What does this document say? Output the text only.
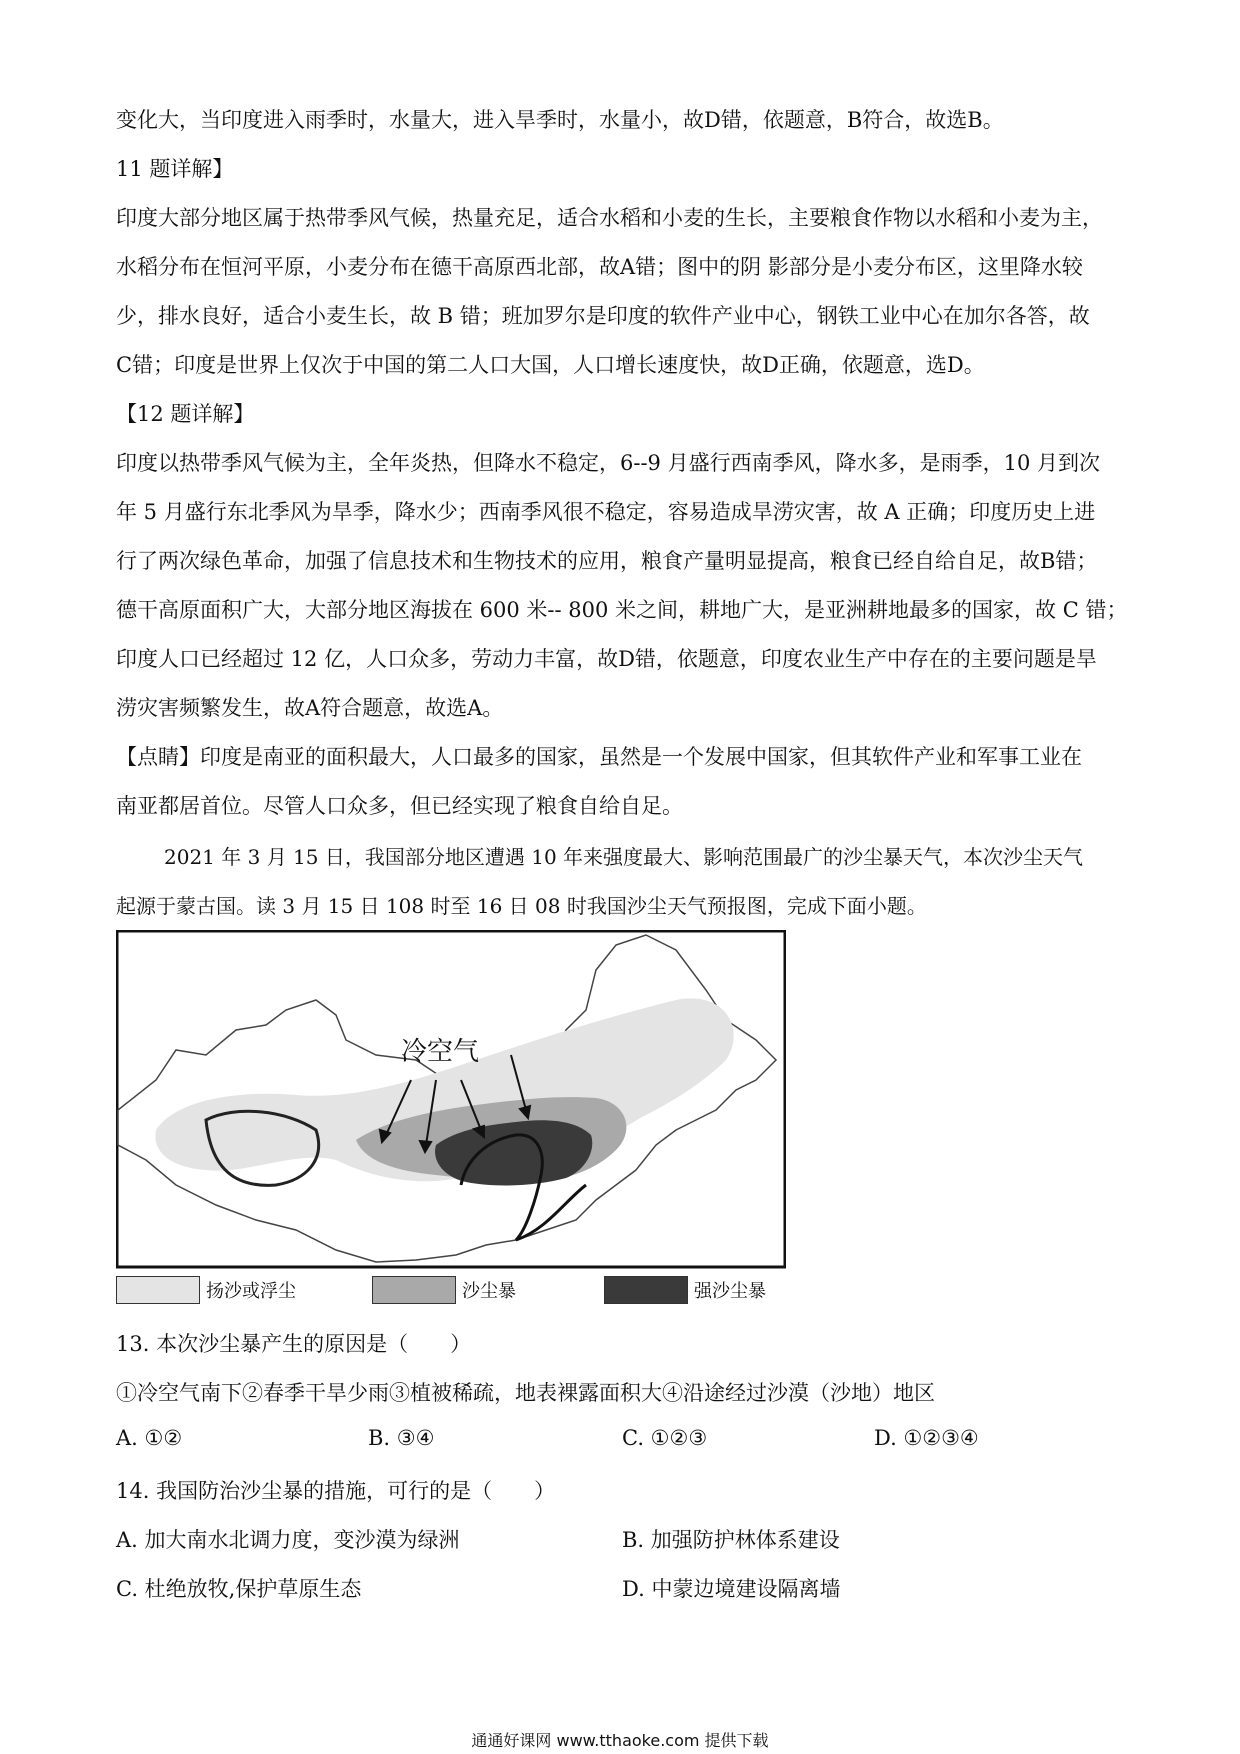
变化大，当印度进入雨季时，水量大，进入旱季时，水量小，故D错，依题意，B符合，故选B。

11 题详解】

印度大部分地区属于热带季风气候，热量充足，适合水稻和小麦的生长，主要粮食作物以水稻和小麦为主，
水稻分布在恒河平原，小麦分布在德干高原西北部，故A错；图中的阴 影部分是小麦分布区，这里降水较
少，排水良好，适合小麦生长，故 B 错；班加罗尔是印度的软件产业中心，钢铁工业中心在加尔各答，故
C错；印度是世界上仅次于中国的第二人口大国，人口增长速度快，故D正确，依题意，选D。

【12 题详解】

印度以热带季风气候为主，全年炎热，但降水不稳定，6--9 月盛行西南季风，降水多，是雨季，10 月到次
年 5 月盛行东北季风为旱季，降水少；西南季风很不稳定，容易造成旱涝灾害，故 A 正确；印度历史上进
行了两次绿色革命，加强了信息技术和生物技术的应用，粮食产量明显提高，粮食已经自给自足，故B错；
德干高原面积广大，大部分地区海拔在 600 米-- 800 米之间，耕地广大，是亚洲耕地最多的国家，故 C 错；
印度人口已经超过 12 亿，人口众多，劳动力丰富，故D错，依题意，印度农业生产中存在的主要问题是旱
涝灾害频繁发生，故A符合题意，故选A。

【点睛】印度是南亚的面积最大，人口最多的国家，虽然是一个发展中国家，但其软件产业和军事工业在
南亚都居首位。尽管人口众多，但已经实现了粮食自给自足。

2021 年 3 月 15 日，我国部分地区遭遇 10 年来强度最大、影响范围最广的沙尘暴天气，本次沙尘天气
起源于蒙古国。读 3 月 15 日 108 时至 16 日 08 时我国沙尘天气预报图，完成下面小题。

冷空气
扬沙或浮尘	沙尘暴	强沙尘暴
13. 本次沙尘暴产生的原因是（　　）
①冷空气南下②春季干旱少雨③植被稀疏，地表裸露面积大④沿途经过沙漠（沙地）地区
A. ①②	B. ③④	C. ①②③	D. ①②③④
14. 我国防治沙尘暴的措施，可行的是（　　）
A. 加大南水北调力度，变沙漠为绿洲	B. 加强防护林体系建设
C. 杜绝放牧,保护草原生态	D. 中蒙边境建设隔离墙
通通好课网 www.tthaoke.com 提供下载
